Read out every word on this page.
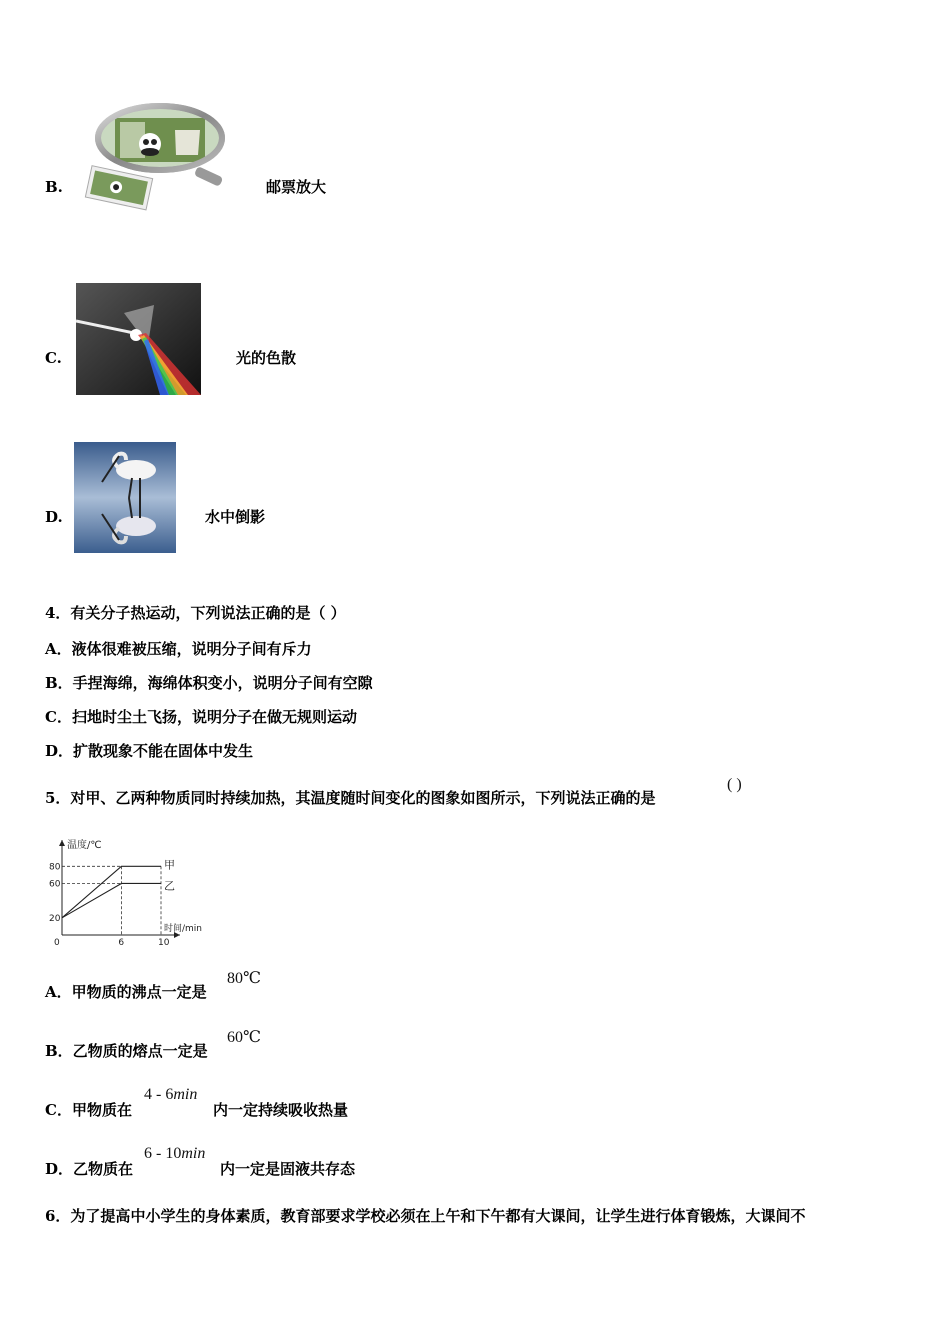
B.	邮票放大
C.	光的色散
D.	水中倒影
4．有关分子热运动，下列说法正确的是（ ）
A．液体很难被压缩，说明分子间有斥力
B．手捏海绵，海绵体积变小，说明分子间有空隙
C．扫地时尘土飞扬，说明分子在做无规则运动
D．扩散现象不能在固体中发生
5．对甲、乙两种物质同时持续加热，其温度随时间变化的图象如图所示，下列说法正确的是
( )
温度/℃
时间/min
0	6	10
20
60
80	甲
乙
A．甲物质的沸点一定是
80℃
B．乙物质的熔点一定是
60℃
C．甲物质在
4 - 6min
内一定持续吸收热量
D．乙物质在
6 - 10min
内一定是固液共存态
6．为了提高中小学生的身体素质，教育部要求学校必须在上午和下午都有大课间，让学生进行体育锻炼，大课间不
